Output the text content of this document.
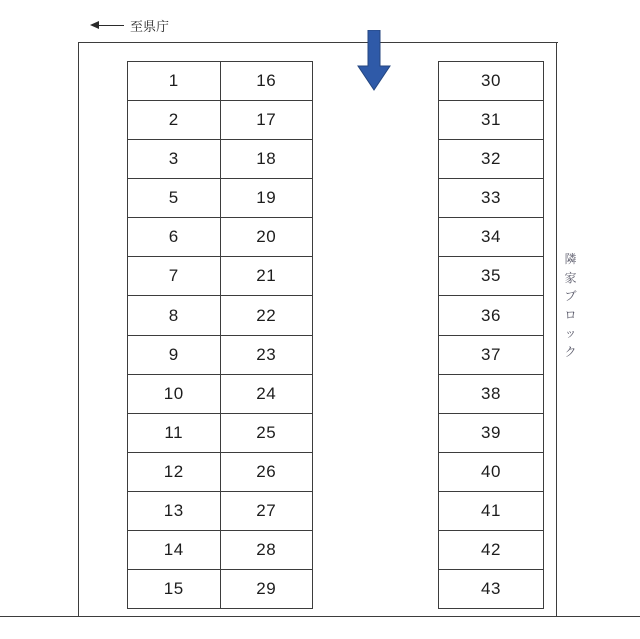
至県庁
1
2
3
5
6
7
8
9
10
11
12
13
14
15
16
17
18
19
20
21
22
23
24
25
26
27
28
29
30
31
32
33
34
35
36
37
38
39
40
41
42
43
隣
家
ブ
ロ
ッ
ク
